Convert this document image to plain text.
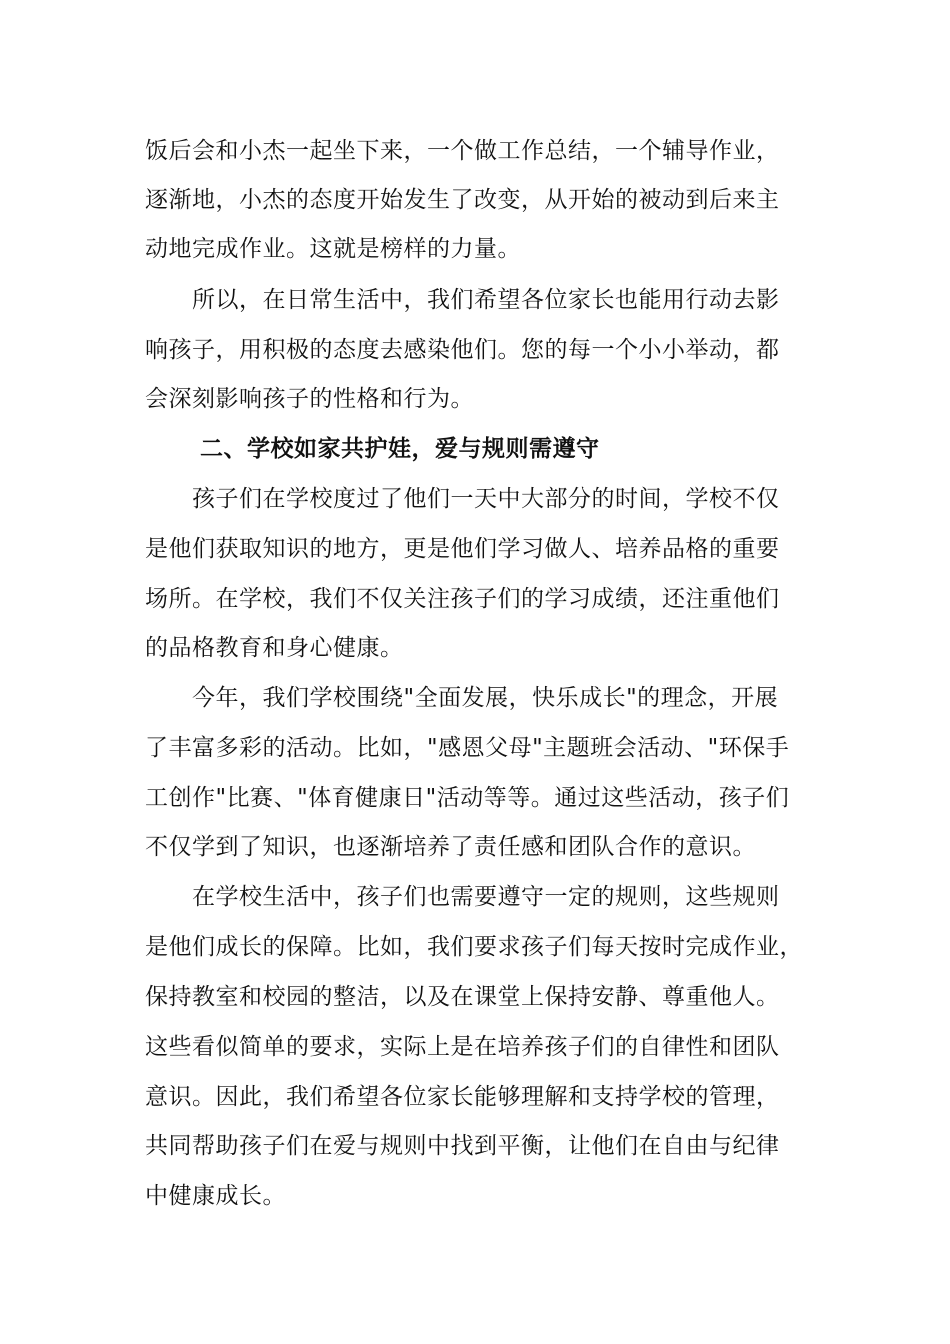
饭后会和小杰一起坐下来，一个做工作总结，一个辅导作业，
逐渐地，小杰的态度开始发生了改变，从开始的被动到后来主
动地完成作业。这就是榜样的力量。
所以，在日常生活中，我们希望各位家长也能用行动去影
响孩子，用积极的态度去感染他们。您的每一个小小举动，都
会深刻影响孩子的性格和行为。
二、学校如家共护娃，爱与规则需遵守
孩子们在学校度过了他们一天中大部分的时间，学校不仅
是他们获取知识的地方，更是他们学习做人、培养品格的重要
场所。在学校，我们不仅关注孩子们的学习成绩，还注重他们
的品格教育和身心健康。
今年，我们学校围绕"全面发展，快乐成长"的理念，开展
了丰富多彩的活动。比如，"感恩父母"主题班会活动、"环保手
工创作"比赛、"体育健康日"活动等等。通过这些活动，孩子们
不仅学到了知识，也逐渐培养了责任感和团队合作的意识。
在学校生活中，孩子们也需要遵守一定的规则，这些规则
是他们成长的保障。比如，我们要求孩子们每天按时完成作业，
保持教室和校园的整洁，以及在课堂上保持安静、尊重他人。
这些看似简单的要求，实际上是在培养孩子们的自律性和团队
意识。因此，我们希望各位家长能够理解和支持学校的管理，
共同帮助孩子们在爱与规则中找到平衡，让他们在自由与纪律
中健康成长。
